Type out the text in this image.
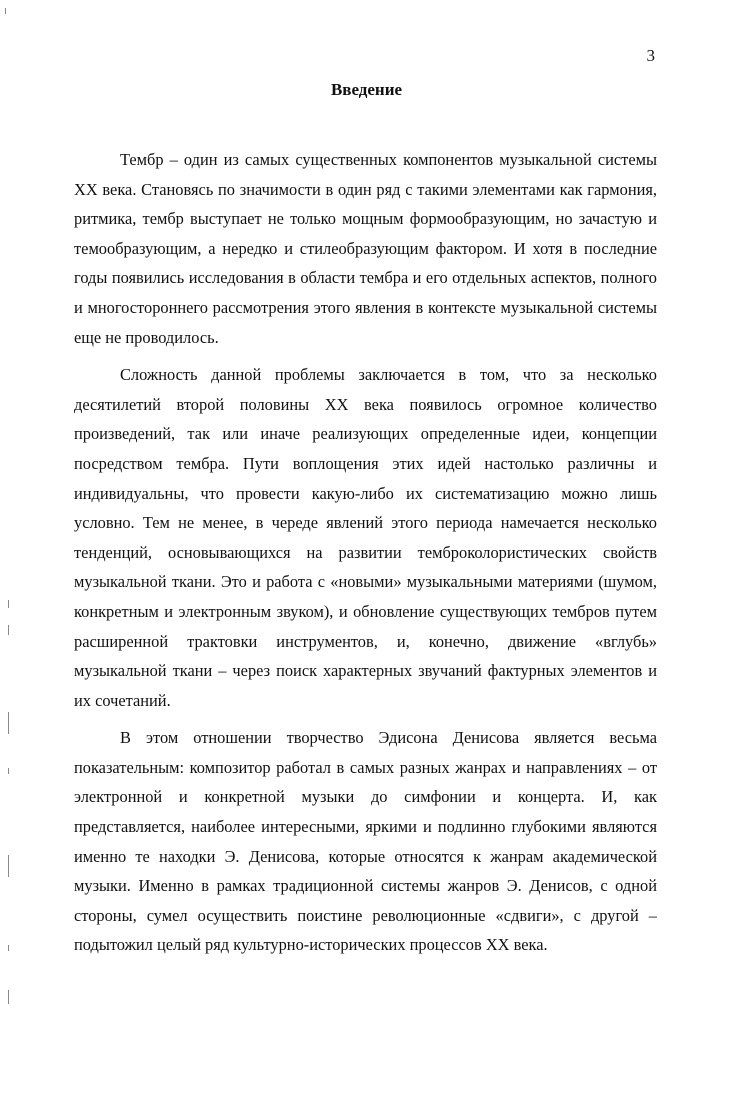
3
Введение

Тембр – один из самых существенных компонентов музыкальной системы XX века. Становясь по значимости в один ряд с такими элементами как гармония, ритмика, тембр выступает не только мощным формообразующим, но зачастую и темообразующим, а нередко и стилеобразующим фактором. И хотя в последние годы появились исследования в области тембра и его отдельных аспектов, полного и многостороннего рассмотрения этого явления в контексте музыкальной системы еще не проводилось.

Сложность данной проблемы заключается в том, что за несколько десятилетий второй половины XX века появилось огромное количество произведений, так или иначе реализующих определенные идеи, концепции посредством тембра. Пути воплощения этих идей настолько различны и индивидуальны, что провести какую-либо их систематизацию можно лишь условно. Тем не менее, в череде явлений этого периода намечается несколько тенденций, основывающихся на развитии темброколористических свойств музыкальной ткани. Это и работа с «новыми» музыкальными материями (шумом, конкретным и электронным звуком), и обновление существующих тембров путем расширенной трактовки инструментов, и, конечно, движение «вглубь» музыкальной ткани – через поиск характерных звучаний фактурных элементов и их сочетаний.

В этом отношении творчество Эдисона Денисова является весьма показательным: композитор работал в самых разных жанрах и направлениях – от электронной и конкретной музыки до симфонии и концерта. И, как представляется, наиболее интересными, яркими и подлинно глубокими являются именно те находки Э. Денисова, которые относятся к жанрам академической музыки. Именно в рамках традиционной системы жанров Э. Денисов, с одной стороны, сумел осуществить поистине революционные «сдвиги», с другой – подытожил целый ряд культурно-исторических процессов XX века.
